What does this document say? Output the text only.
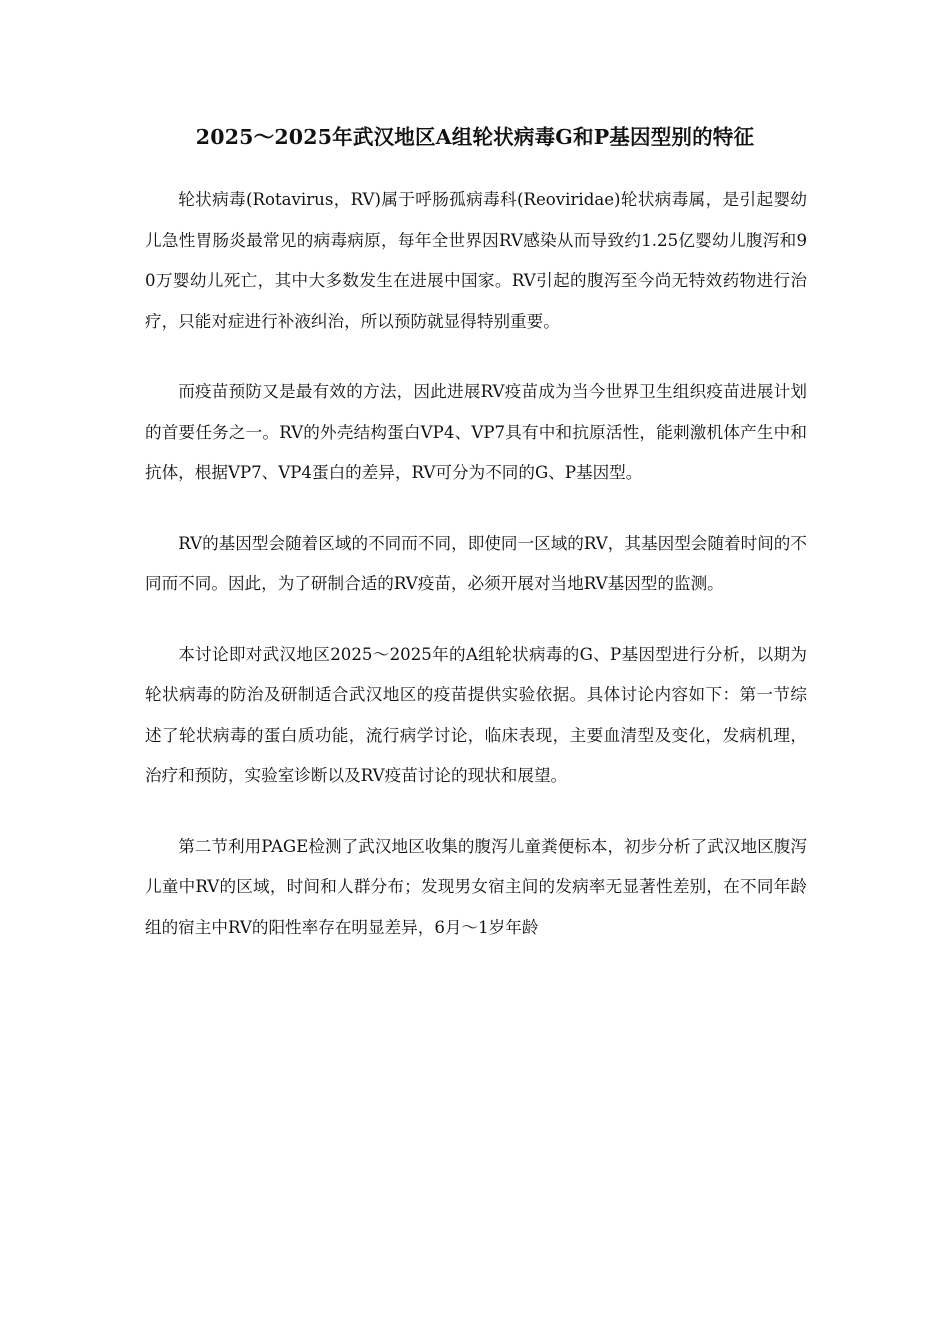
2025～2025年武汉地区A组轮状病毒G和P基因型别的特征

轮状病毒(Rotavirus，RV)属于呼肠孤病毒科(Reoviridae)轮状病毒属，是引起婴幼儿急性胃肠炎最常见的病毒病原，每年全世界因RV感染从而导致约1.25亿婴幼儿腹泻和90万婴幼儿死亡，其中大多数发生在进展中国家。RV引起的腹泻至今尚无特效药物进行治疗，只能对症进行补液纠治，所以预防就显得特别重要。

而疫苗预防又是最有效的方法，因此进展RV疫苗成为当今世界卫生组织疫苗进展计划的首要任务之一。RV的外壳结构蛋白VP4、VP7具有中和抗原活性，能刺激机体产生中和抗体，根据VP7、VP4蛋白的差异，RV可分为不同的G、P基因型。

RV的基因型会随着区域的不同而不同，即使同一区域的RV，其基因型会随着时间的不同而不同。因此，为了研制合适的RV疫苗，必须开展对当地RV基因型的监测。

本讨论即对武汉地区2025～2025年的A组轮状病毒的G、P基因型进行分析，以期为轮状病毒的防治及研制适合武汉地区的疫苗提供实验依据。具体讨论内容如下：第一节综述了轮状病毒的蛋白质功能，流行病学讨论，临床表现，主要血清型及变化，发病机理，治疗和预防，实验室诊断以及RV疫苗讨论的现状和展望。

第二节利用PAGE检测了武汉地区收集的腹泻儿童粪便标本，初步分析了武汉地区腹泻儿童中RV的区域，时间和人群分布；发现男女宿主间的发病率无显著性差别，在不同年龄组的宿主中RV的阳性率存在明显差异，6月～1岁年龄
